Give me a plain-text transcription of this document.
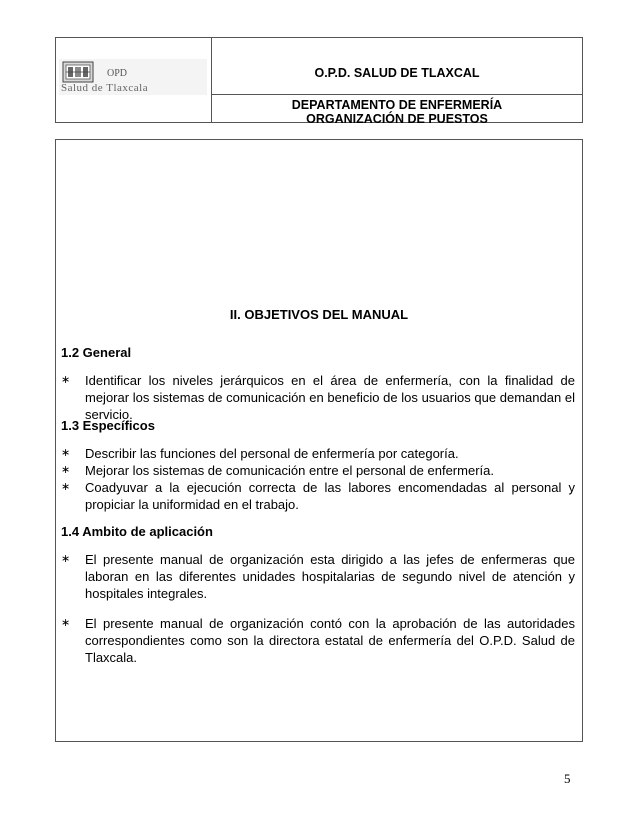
OPD
Salud de Tlaxcala
O.P.D. SALUD DE TLAXCAL
DEPARTAMENTO DE ENFERMERÍA
ORGANIZACIÓN DE PUESTOS
II. OBJETIVOS DEL MANUAL
1.2 General
∗	Identificar los niveles jerárquicos en el área de enfermería, con la finalidad de mejorar los sistemas de comunicación en beneficio de los usuarios que demandan el servicio.
1.3 Específicos
∗	Describir las funciones del personal de enfermería por categoría.
∗	Mejorar los sistemas de comunicación entre el personal de enfermería.
∗	Coadyuvar a la ejecución correcta de las labores encomendadas al personal y propiciar la uniformidad en el trabajo.
1.4 Ambito de aplicación
∗	El presente manual de organización esta dirigido a las jefes de enfermeras que laboran en las diferentes unidades hospitalarias de segundo nivel de atención y hospitales integrales.
∗	El presente manual de organización contó con la aprobación de las autoridades correspondientes como son la directora estatal de enfermería del O.P.D. Salud de Tlaxcala.
5
